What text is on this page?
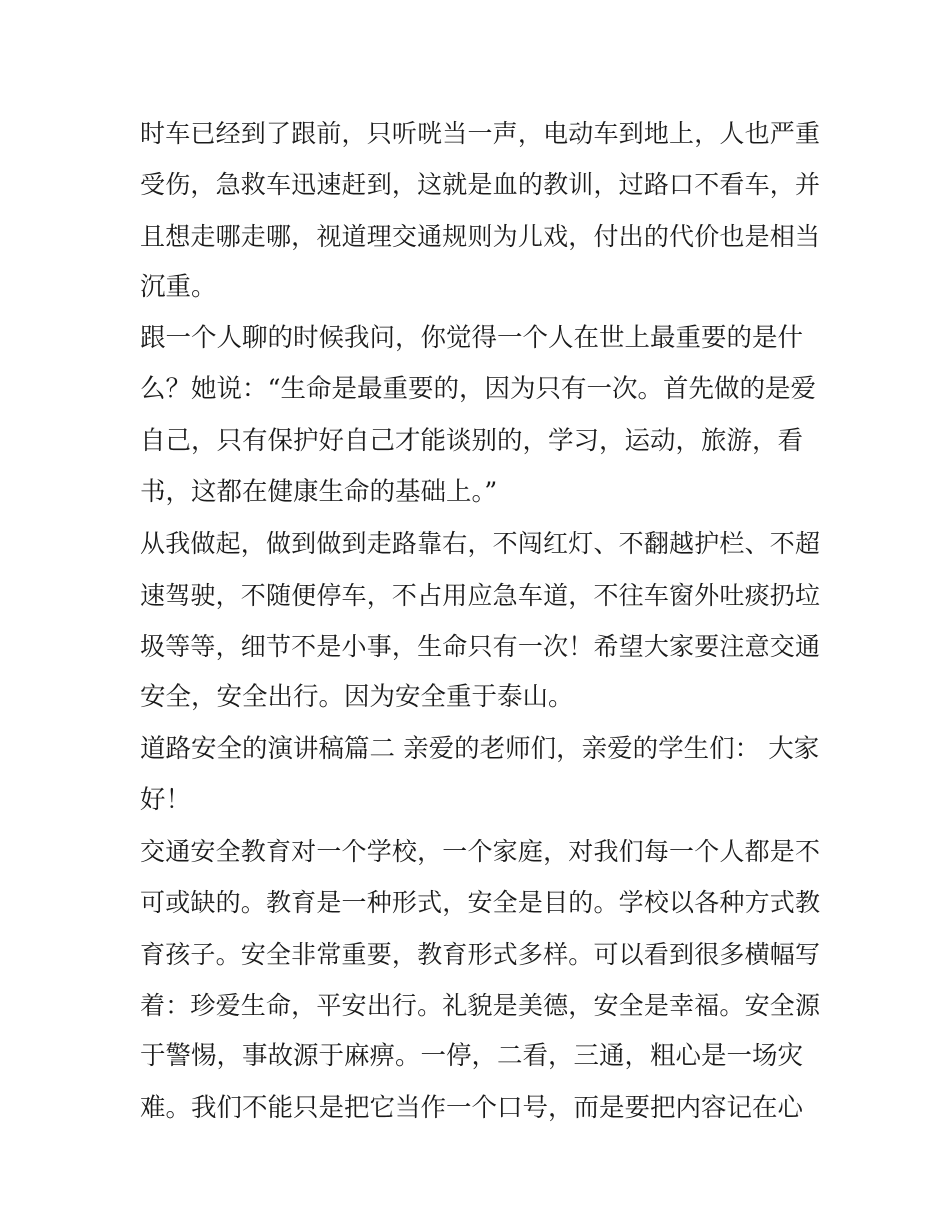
时车已经到了跟前，只听咣当一声，电动车到地上，人也严重
受伤，急救车迅速赶到，这就是血的教训，过路口不看车，并
且想走哪走哪，视道理交通规则为儿戏，付出的代价也是相当
沉重。
跟一个人聊的时候我问，你觉得一个人在世上最重要的是什
么？她说：“生命是最重要的，因为只有一次。首先做的是爱
自己，只有保护好自己才能谈别的，学习，运动，旅游，看
书，这都在健康生命的基础上。”
从我做起，做到做到走路靠右，不闯红灯、不翻越护栏、不超
速驾驶，不随便停车，不占用应急车道，不往车窗外吐痰扔垃
圾等等，细节不是小事，生命只有一次！希望大家要注意交通
安全，安全出行。因为安全重于泰山。
道路安全的演讲稿篇二 亲爱的老师们，亲爱的学生们： 大家
好！
交通安全教育对一个学校，一个家庭，对我们每一个人都是不
可或缺的。教育是一种形式，安全是目的。学校以各种方式教
育孩子。安全非常重要，教育形式多样。可以看到很多横幅写
着：珍爱生命，平安出行。礼貌是美德，安全是幸福。安全源
于警惕，事故源于麻痹。一停，二看，三通，粗心是一场灾
难。我们不能只是把它当作一个口号，而是要把内容记在心
